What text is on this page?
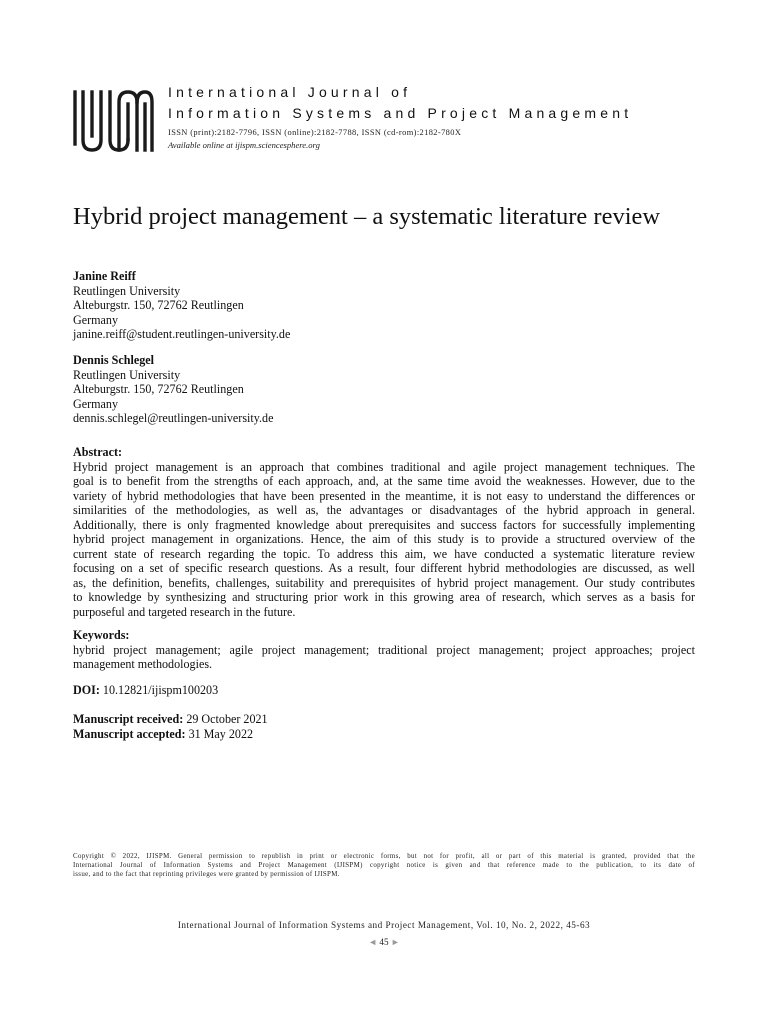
International Journal of
Information Systems and Project Management
ISSN (print):2182-7796, ISSN (online):2182-7788, ISSN (cd-rom):2182-780X
Available online at ijispm.sciencesphere.org
Hybrid project management – a systematic literature review
Janine Reiff
Reutlingen University
Alteburgstr. 150, 72762 Reutlingen
Germany
janine.reiff@student.reutlingen-university.de
Dennis Schlegel
Reutlingen University
Alteburgstr. 150, 72762 Reutlingen
Germany
dennis.schlegel@reutlingen-university.de
Abstract:
Hybrid project management is an approach that combines traditional and agile project management techniques. The
goal is to benefit from the strengths of each approach, and, at the same time avoid the weaknesses. However, due to the
variety of hybrid methodologies that have been presented in the meantime, it is not easy to understand the differences or
similarities of the methodologies, as well as, the advantages or disadvantages of the hybrid approach in general.
Additionally, there is only fragmented knowledge about prerequisites and success factors for successfully implementing
hybrid project management in organizations. Hence, the aim of this study is to provide a structured overview of the
current state of research regarding the topic. To address this aim, we have conducted a systematic literature review
focusing on a set of specific research questions. As a result, four different hybrid methodologies are discussed, as well
as, the definition, benefits, challenges, suitability and prerequisites of hybrid project management. Our study contributes
to knowledge by synthesizing and structuring prior work in this growing area of research, which serves as a basis for
purposeful and targeted research in the future.
Keywords:
hybrid project management; agile project management; traditional project management; project approaches; project
management methodologies.
DOI: 10.12821/ijispm100203
Manuscript received: 29 October 2021
Manuscript accepted: 31 May 2022
Copyright © 2022, IJISPM. General permission to republish in print or electronic forms, but not for profit, all or part of this material is granted, provided that the
International Journal of Information Systems and Project Management (IJISPM) copyright notice is given and that reference made to the publication, to its date of
issue, and to the fact that reprinting privileges were granted by permission of IJISPM.
International Journal of Information Systems and Project Management, Vol. 10, No. 2, 2022, 45-63
◄ 45 ►
